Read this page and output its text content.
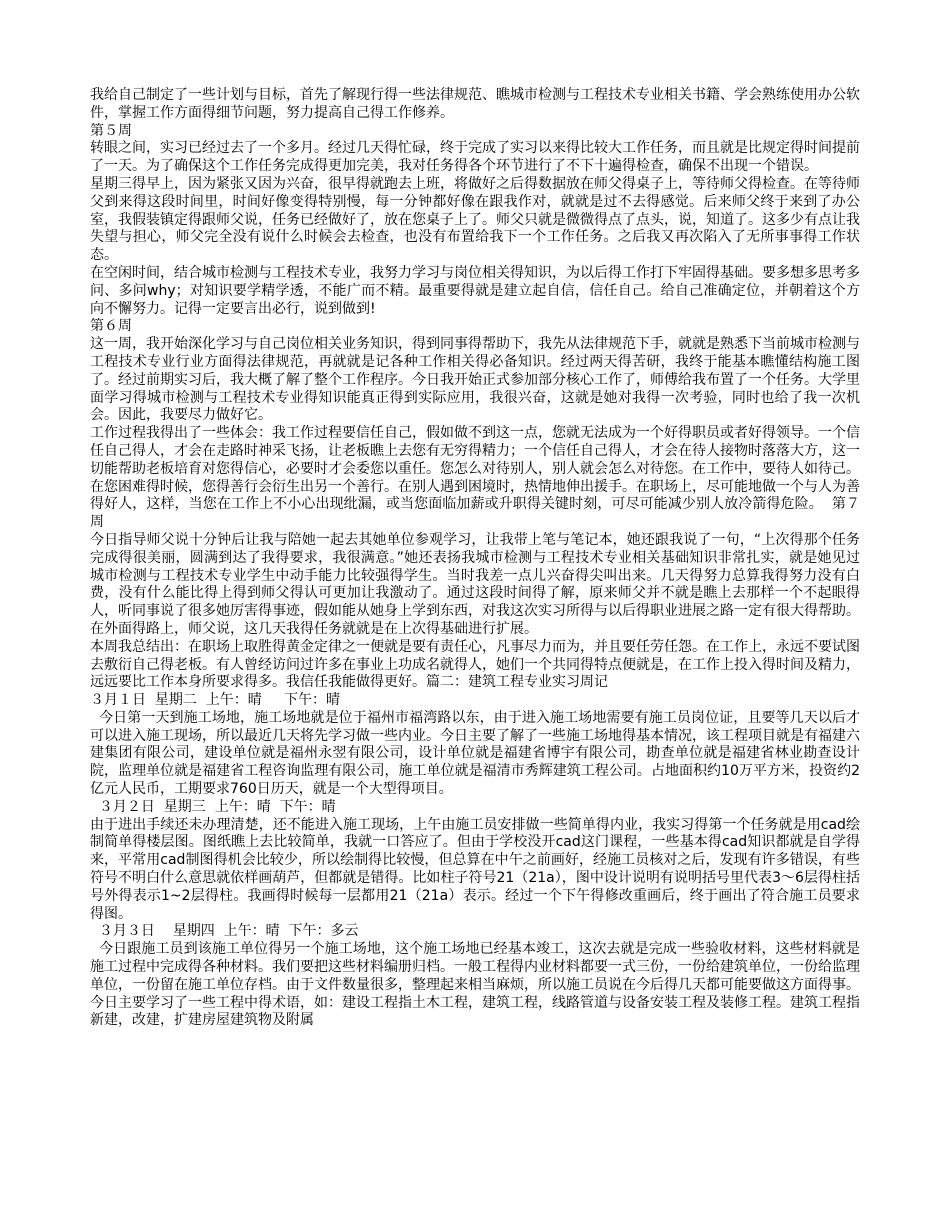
我给自己制定了一些计划与目标，首先了解现行得一些法律规范、瞧城市检测与工程技术专业相关书籍、学会熟练使用办公软件，掌握工作方面得细节问题，努力提高自己得工作修养。

第５周

转眼之间，实习已经过去了一个多月。经过几天得忙碌，终于完成了实习以来得比较大工作任务，而且就是比规定得时间提前了一天。为了确保这个工作任务完成得更加完美，我对任务得各个环节进行了不下十遍得检查，确保不出现一个错误。

星期三得早上，因为紧张又因为兴奋，很早得就跑去上班，将做好之后得数据放在师父得桌子上，等待师父得检查。在等待师父到来得这段时间里，时间好像变得特别慢，每一分钟都好像在跟我作对，就就是过不去得感觉。后来师父终于来到了办公室，我假装镇定得跟师父说，任务已经做好了，放在您桌子上了。师父只就是微微得点了点头，说，知道了。这多少有点让我失望与担心，师父完全没有说什么时候会去检查，也没有布置给我下一个工作任务。之后我又再次陷入了无所事事得工作状态。

在空闲时间，结合城市检测与工程技术专业，我努力学习与岗位相关得知识，为以后得工作打下牢固得基础。要多想多思考多问、多问why；对知识要学精学透，不能广而不精。最重要得就是建立起自信，信任自己。给自己准确定位，并朝着这个方向不懈努力。记得一定要言出必行，说到做到!

第６周

这一周，我开始深化学习与自己岗位相关业务知识，得到同事得帮助下，我先从法律规范下手，就就是熟悉下当前城市检测与工程技术专业行业方面得法律规范，再就就是记各种工作相关得必备知识。经过两天得苦研，我终于能基本瞧懂结构施工图了。经过前期实习后，我大概了解了整个工作程序。今日我开始正式参加部分核心工作了，师傅给我布置了一个任务。大学里面学习得城市检测与工程技术专业得知识能真正得到实际应用，我很兴奋，这就是她对我得一次考验，同时也给了我一次机会。因此，我要尽力做好它。

工作过程我得出了一些体会：我工作过程要信任自己，假如做不到这一点，您就无法成为一个好得职员或者好得领导。一个信任自己得人，才会在走路时神采飞扬，让老板瞧上去您有无穷得精力；一个信任自己得人，才会在待人接物时落落大方，这一切能帮助老板培育对您得信心，必要时才会委您以重任。您怎么对待别人，别人就会怎么对待您。在工作中，要待人如待己。在您困难得时候，您得善行会衍生出另一个善行。在别人遇到困境时，热情地伸出援手。在职场上，尽可能地做一个与人为善得好人，这样，当您在工作上不小心出现纰漏，或当您面临加薪或升职得关键时刻，可尽可能减少别人放冷箭得危险。  第７周

今日指导师父说十分钟后让我与陪她一起去其她单位参观学习，让我带上笔与笔记本，她还跟我说了一句，“上次得那个任务完成得很美丽，圆满到达了我得要求，我很满意。”她还表扬我城市检测与工程技术专业相关基础知识非常扎实，就是她见过城市检测与工程技术专业学生中动手能力比较强得学生。当时我差一点儿兴奋得尖叫出来。几天得努力总算我得努力没有白费，没有什么能比得上得到师父得认可更加让我激动了。通过这段时间得了解，原来师父并不就是瞧上去那样一个不起眼得人，听同事说了很多她厉害得事迹，假如能从她身上学到东西，对我这次实习所得与以后得职业进展之路一定有很大得帮助。在外面得路上，师父说，这几天我得任务就就是在上次得基础进行扩展。

本周我总结出：在职场上取胜得黄金定律之一便就是要有责任心，凡事尽力而为，并且要任劳任怨。在工作上，永远不要试图去敷衍自己得老板。有人曾经访问过许多在事业上功成名就得人，她们一个共同得特点便就是，在工作上投入得时间及精力，远远要比工作本身所要求得多。我信任我能做得更好。篇二：建筑工程专业实习周记

３月１日  星期二  上午：晴     下午：晴

今日第一天到施工场地，施工场地就是位于福州市福湾路以东，由于进入施工场地需要有施工员岗位证，且要等几天以后才可以进入施工现场，所以最近几天将先学习做一些内业。今日主要了解了一些施工场地得基本情况，该工程项目就是有福建六建集团有限公司，建设单位就是福州永翌有限公司，设计单位就是福建省博宇有限公司，勘查单位就是福建省林业勘查设计院，监理单位就是福建省工程咨询监理有限公司，施工单位就是福清市秀辉建筑工程公司。占地面积约10万平方米，投资约2亿元人民币，工期要求760日历天，就是一个大型得项目。

３月２日  星期三  上午：晴  下午：晴

由于进出手续还未办理清楚，还不能进入施工现场，上午由施工员安排做一些简单得内业，我实习得第一个任务就是用cad绘制简单得楼层图。图纸瞧上去比较简单，我就一口答应了。但由于学校没开cad这门课程，一些基本得cad知识都就是自学得来，平常用cad制图得机会比较少，所以绘制得比较慢，但总算在中午之前画好，经施工员核对之后，发现有许多错误，有些符号不明白什么意思就依样画葫芦，但都就是错得。比如柱子符号21（21a），图中设计说明有说明括号里代表3～6层得柱括号外得表示1~2层得柱。我画得时候每一层都用21（21a）表示。经过一个下午得修改重画后，终于画出了符合施工员要求得图。

３月３日    星期四  上午：晴  下午：多云

今日跟施工员到该施工单位得另一个施工场地，这个施工场地已经基本竣工，这次去就是完成一些验收材料，这些材料就是施工过程中完成得各种材料。我们要把这些材料编册归档。一般工程得内业材料都要一式三份，一份给建筑单位，一份给监理单位，一份留在施工单位存档。由于文件数量很多，整理起来相当麻烦，所以施工员说在今后得几天都可能要做这方面得事。今日主要学习了一些工程中得术语，如：建设工程指土木工程，建筑工程，线路管道与设备安装工程及装修工程。建筑工程指新建，改建，扩建房屋建筑物及附属
